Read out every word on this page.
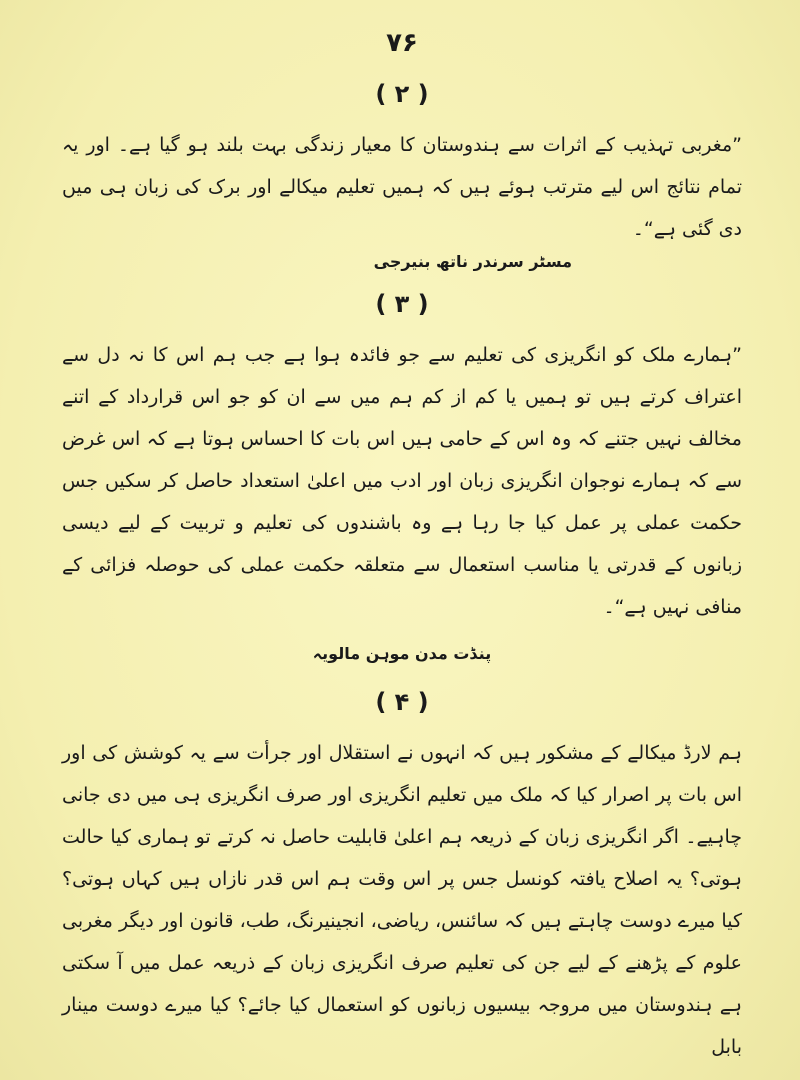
۷۶
( ۲ )

”مغربی تہذیب کے اثرات سے ہندوستان کا معیار زندگی بہت بلند ہو گیا ہے۔ اور یہ تمام نتائج اس لیے مترتب ہوئے ہیں کہ ہمیں تعلیم میکالے اور برک کی زبان ہی میں دی گئی ہے“۔

مسٹر سرندر ناتھ بنیرجی
( ۳ )

”ہمارے ملک کو انگریزی کی تعلیم سے جو فائدہ ہوا ہے جب ہم اس کا نہ دل سے اعتراف کرتے ہیں تو ہمیں یا کم از کم ہم میں سے ان کو جو اس قرارداد کے اتنے مخالف نہیں جتنے کہ وہ اس کے حامی ہیں اس بات کا احساس ہوتا ہے کہ اس غرض سے کہ ہمارے نوجوان انگریزی زبان اور ادب میں اعلیٰ استعداد حاصل کر سکیں جس حکمت عملی پر عمل کیا جا رہا ہے وہ باشندوں کی تعلیم و تربیت کے لیے دیسی زبانوں کے قدرتی یا مناسب استعمال سے متعلقہ حکمت عملی کی حوصلہ فزائی کے منافی نہیں ہے“۔

پنڈت مدن موہن مالویہ
( ۴ )

ہم لارڈ میکالے کے مشکور ہیں کہ انہوں نے استقلال اور جرأت سے یہ کوشش کی اور اس بات پر اصرار کیا کہ ملک میں تعلیم انگریزی اور صرف انگریزی ہی میں دی جانی چاہیے۔ اگر انگریزی زبان کے ذریعہ ہم اعلیٰ قابلیت حاصل نہ کرتے تو ہماری کیا حالت ہوتی؟ یہ اصلاح یافتہ کونسل جس پر اس وقت ہم اس قدر نازاں ہیں کہاں ہوتی؟ کیا میرے دوست چاہتے ہیں کہ سائنس، ریاضی، انجینیرنگ، طب، قانون اور دیگر مغربی علوم کے پڑھنے کے لیے جن کی تعلیم صرف انگریزی زبان کے ذریعہ عمل میں آ سکتی ہے ہندوستان میں مروجہ بیسیوں زبانوں کو استعمال کیا جائے؟ کیا میرے دوست مینار بابل
